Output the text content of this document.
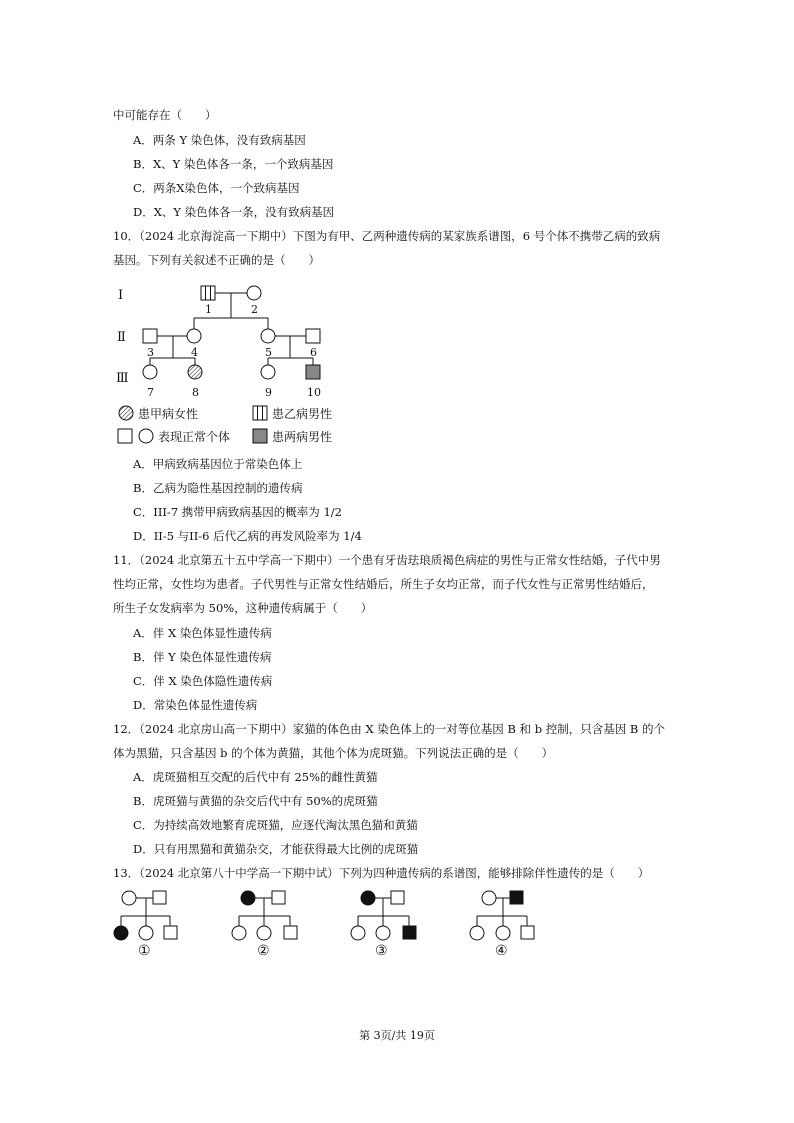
中可能存在（　　）
A．两条 Y 染色体，没有致病基因
B．X、Y 染色体各一条，一个致病基因
C．两条X染色体，一个致病基因
D．X、Y 染色体各一条，没有致病基因
10．（2024 北京海淀高一下期中）下图为有甲、乙两种遗传病的某家族系谱图，6 号个体不携带乙病的致病
基因。下列有关叙述不正确的是（　　）
Ⅰ
Ⅱ
Ⅲ
1	2
3	4	5	6
7	8	9	10
患甲病女性	患乙病男性
表现正常个体	患两病男性
①	②	③	④
A．甲病致病基因位于常染色体上
B．乙病为隐性基因控制的遗传病
C．III-7 携带甲病致病基因的概率为 1/2
D．II-5 与II-6 后代乙病的再发风险率为 1/4
11．（2024 北京第五十五中学高一下期中）一个患有牙齿珐琅质褐色病症的男性与正常女性结婚，子代中男
性均正常，女性均为患者。子代男性与正常女性结婚后，所生子女均正常，而子代女性与正常男性结婚后，
所生子女发病率为 50%，这种遗传病属于（　　）
A．伴 X 染色体显性遗传病
B．伴 Y 染色体显性遗传病
C．伴 X 染色体隐性遗传病
D．常染色体显性遗传病
12．（2024 北京房山高一下期中）家猫的体色由 X 染色体上的一对等位基因 B 和 b 控制，只含基因 B 的个
体为黑猫，只含基因 b 的个体为黄猫，其他个体为虎斑猫。下列说法正确的是（　　）
A．虎斑猫相互交配的后代中有 25%的雌性黄猫
B．虎斑猫与黄猫的杂交后代中有 50%的虎斑猫
C．为持续高效地繁育虎斑猫，应逐代淘汰黑色猫和黄猫
D．只有用黑猫和黄猫杂交，才能获得最大比例的虎斑猫
13．（2024 北京第八十中学高一下期中试）下列为四种遗传病的系谱图，能够排除伴性遗传的是（　　）
第 3页/共 19页
